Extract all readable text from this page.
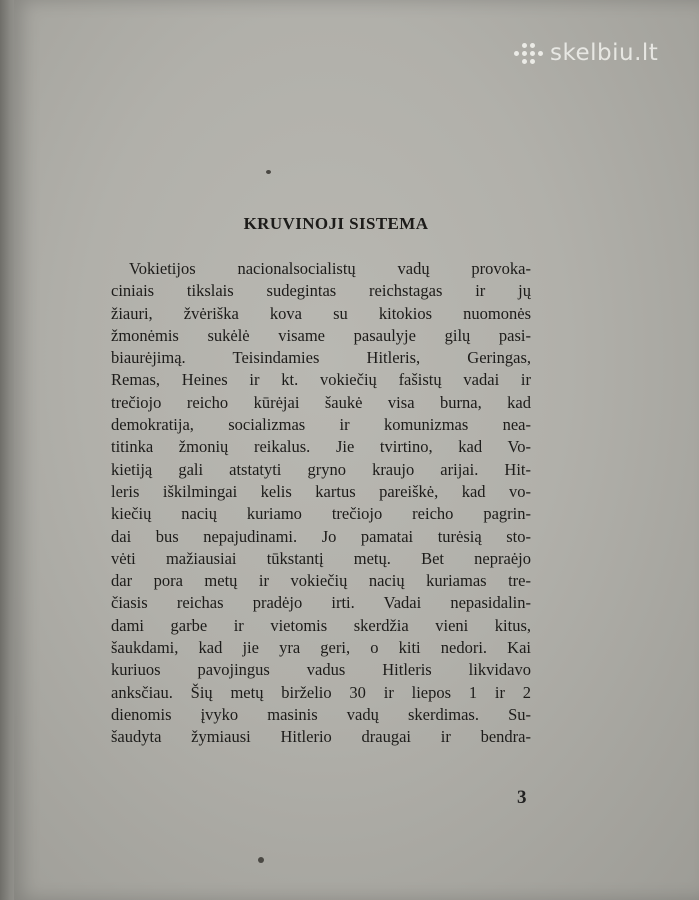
skelbiu.lt
KRUVINOJI SISTEMA
Vokietijos nacionalsocialistų vadų provoka-
ciniais tikslais sudegintas reichstagas ir jų
žiauri, žvėriška kova su kitokios nuomonės
žmonėmis sukėlė visame pasaulyje gilų pasi-
biaurėjimą. Teisindamies Hitleris, Geringas,
Remas, Heines ir kt. vokiečių fašistų vadai ir
trečiojo reicho kūrėjai šaukė visa burna, kad
demokratija, socializmas ir komunizmas nea-
titinka žmonių reikalus. Jie tvirtino, kad Vo-
kietiją gali atstatyti gryno kraujo arijai. Hit-
leris iškilmingai kelis kartus pareiškė, kad vo-
kiečių nacių kuriamo trečiojo reicho pagrin-
dai bus nepajudinami. Jo pamatai turėsią sto-
vėti mažiausiai tūkstantį metų. Bet nepraėjo
dar pora metų ir vokiečių nacių kuriamas tre-
čiasis reichas pradėjo irti. Vadai nepasidalin-
dami garbe ir vietomis skerdžia vieni kitus,
šaukdami, kad jie yra geri, o kiti nedori. Kai
kuriuos pavojingus vadus Hitleris likvidavo
anksčiau. Šių metų birželio 30 ir liepos 1 ir 2
dienomis įvyko masinis vadų skerdimas. Su-
šaudyta žymiausi Hitlerio draugai ir bendra-
3
